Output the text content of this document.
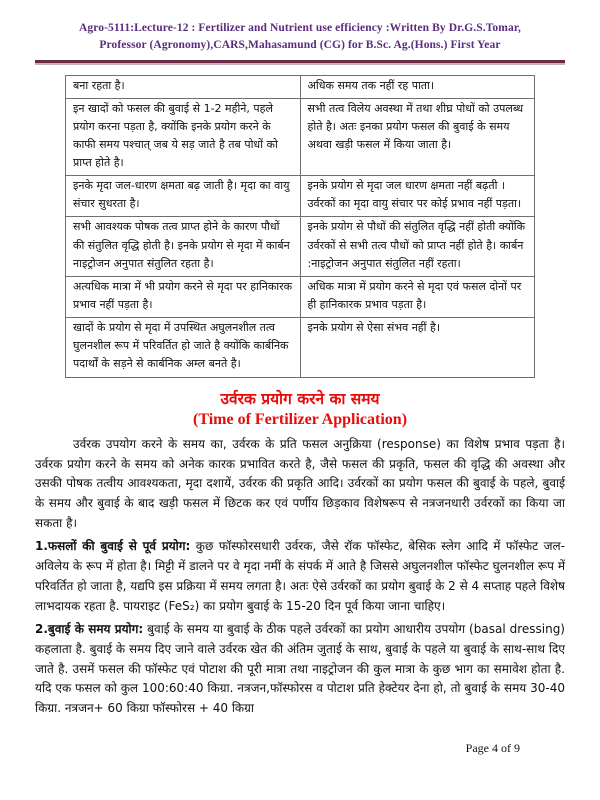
Agro-5111:Lecture-12 : Fertilizer and Nutrient use efficiency :Written By Dr.G.S.Tomar,
Professor (Agronomy),CARS,Mahasamund (CG) for B.Sc. Ag.(Hons.) First Year
बना रहता है।	अधिक समय तक नहीं रह पाता।
इन खादों को फसल की बुवाई से 1-2 महीने, पहले प्रयोग करना पड़ता है, क्योंकि इनके प्रयोग करने के काफी समय पश्चात् जब ये सड़ जाते है तब पोधों को प्राप्त होते है।	सभी तत्व विलेय अवस्था में तथा शीघ्र पोधों को उपलब्ध होते है। अतः इनका प्रयोग फसल की बुवाई के समय अथवा खड़ी फसल में किया जाता है।
इनके मृदा जल-धारण क्षमता बढ़ जाती है। मृदा का वायु संचार सुधरता है।	इनके प्रयोग से मृदा जल धारण क्षमता नहीं बढ़ती । उर्वरकों का मृदा वायु संचार पर कोई प्रभाव नहीं पड़ता।
सभी आवश्यक पोषक तत्व प्राप्त होने के कारण पौधों की संतुलित वृद्धि होती है। इनके प्रयोग से मृदा में कार्बन नाइट्रोजन अनुपात संतुलित रहता है।	इनके प्रयोग से पौधों की संतुलित वृद्धि नहीं होती क्योंकि उर्वरकों से सभी तत्व पौधों को प्राप्त नहीं होते है। कार्बन :नाइट्रोजन अनुपात संतुलित नहीं रहता।
अत्यधिक मात्रा में भी प्रयोग करने से मृदा पर हानिकारक प्रभाव नहीं पड़ता है।	अधिक मात्रा में प्रयोग करने से मृदा एवं फसल दोनों पर ही हानिकारक प्रभाव पड़ता है।
खादों के प्रयोग से मृदा में उपस्थित अघुलनशील तत्व घुलनशील रूप में परिवर्तित हो जाते है क्योंकि कार्बनिक पदार्थों के सड़ने से कार्बनिक अम्ल बनते है।	इनके प्रयोग से ऐसा संभव नहीं है।
उर्वरक प्रयोग करने का समय
(Time of Fertilizer Application)

उर्वरक उपयोग करने के समय का, उर्वरक के प्रति फसल अनुक्रिया (response) का विशेष प्रभाव पड़ता है। उर्वरक प्रयोग करने के समय को अनेक कारक प्रभावित करते है, जैसे फसल की प्रकृति, फसल की वृद्धि की अवस्था और उसकी पोषक तत्वीय आवश्यकता, मृदा दशायें, उर्वरक की प्रकृति आदि। उर्वरकों का प्रयोग फसल की बुवाई के पहले, बुवाई के समय और बुवाई के बाद खड़ी फसल में छिटक कर एवं पर्णीय छिड़काव विशेषरूप से नत्रजनधारी उर्वरकों का किया जा सकता है।

1.फसलों की बुवाई से पूर्व प्रयोग: कुछ फॉस्फोरसधारी उर्वरक, जैसे रॉक फॉस्फेट, बेसिक स्लेग आदि में फॉस्फेट जल-अविलेय के रूप में होता है। मिट्टी में डालने पर वे मृदा नमीं के संपर्क में आते है जिससे अघुलनशील फॉस्फेट घुलनशील रूप में परिवर्तित हो जाता है, यद्यपि इस प्रक्रिया में समय लगता है। अतः ऐसे उर्वरकों का प्रयोग बुवाई के 2 से 4 सप्ताह पहले विशेष लाभदायक रहता है. पायराइट (FeS₂) का प्रयोग बुवाई के 15-20 दिन पूर्व किया जाना चाहिए।

2.बुवाई के समय प्रयोग: बुवाई के समय या बुवाई के ठीक पहले उर्वरकों का प्रयोग आधारीय उपयोग (basal dressing) कहलाता है. बुवाई के समय दिए जाने वाले उर्वरक खेत की अंतिम जुताई के साथ, बुवाई के पहले या बुवाई के साथ-साथ दिए जाते है. उसमें फसल की फॉस्फेट एवं पोटाश की पूरी मात्रा तथा नाइट्रोजन की कुल मात्रा के कुछ भाग का समावेश होता है. यदि एक फसल को कुल 100:60:40 किग्रा. नत्रजन,फॉस्फोरस व पोटाश प्रति हेक्टेयर देना हो, तो बुवाई के समय 30-40 किग्रा. नत्रजन+ 60 किग्रा फॉस्फोरस + 40 किग्रा

Page 4 of 9
